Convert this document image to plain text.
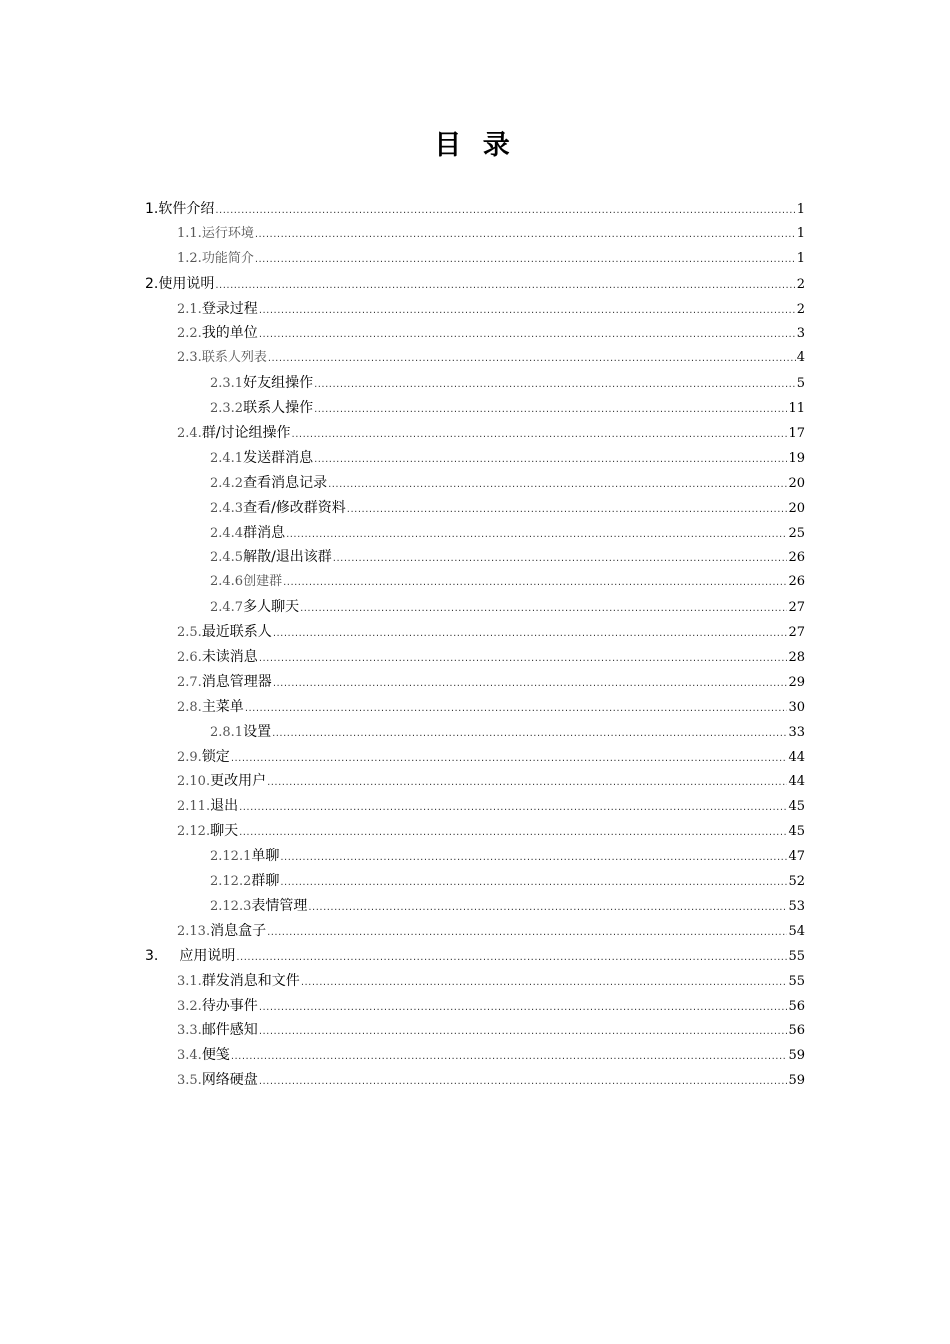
目 录
1. 软件介绍 .....	1
1.1. 运行环境 .....	1
1.2. 功能简介 .....	1
2. 使用说明 .....	2
2.1. 登录过程 .....	2
2.2. 我的单位 .....	3
2.3. 联系人列表 .....	4
2.3.1 好友组操作 .....	5
2.3.2 联系人操作 .....	11
2.4. 群/讨论组操作 .....	17
2.4.1 发送群消息 .....	19
2.4.2 查看消息记录 .....	20
2.4.3 查看/修改群资料 .....	20
2.4.4 群消息 .....	25
2.4.5 解散/退出该群 .....	26
2.4.6 创建群 .....	26
2.4.7 多人聊天 .....	27
2.5. 最近联系人 .....	27
2.6. 未读消息 .....	28
2.7. 消息管理器 .....	29
2.8. 主菜单 .....	30
2.8.1 设置 .....	33
2.9. 锁定 .....	44
2.10. 更改用户 .....	44
2.11. 退出 .....	45
2.12. 聊天 .....	45
2.12.1 单聊 .....	47
2.12.2 群聊 .....	52
2.12.3 表情管理 .....	53
2.13. 消息盒子 .....	54
3. 应用说明 .....	55
3.1. 群发消息和文件 .....	55
3.2. 待办事件 .....	56
3.3. 邮件感知 .....	56
3.4. 便笺 .....	59
3.5. 网络硬盘 .....	59
